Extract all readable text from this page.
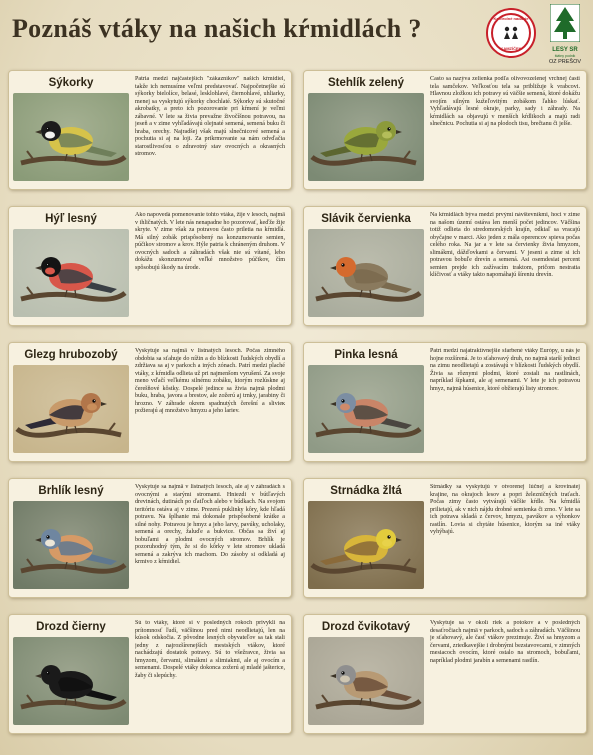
Poznáš vtáky na našich kŕmidlách ?	Kontrolné nadácie
KAMZÍČEK	LESY SR
štátny podnik
OZ PREŠOV
Sýkorky	Patria medzi najčastejších "zákazníkov" našich kŕmidiel, takže ich nemusíme veľmi predstavovať. Najpočetnejšie sú sýkorky bielolíce, belasé, lesklohlavé, čiernohlavé, uhliarky, menej sa vyskytujú sýkorky chochlaté. Sýkorky sú skutočné akrobatky, a preto ich pozorovanie pri kŕmení je veľmi zábavné. V lete sa živia prevažne živočíšnou potravou, na jeseň a v zime vyhľadávajú olejnaté semená, semená buku či hraba, orechy. Najradšej však majú slnečnicové semená a pochutia si aj na loji. Za prikrmovanie sa nám odvďačia starostlivosťou o zdravotný stav ovocných a okrasných stromov.
Stehlík zelený	Často sa nazýva zelienka podľa olivovozelenej vrchnej časti tela samčekov. Veľkosťou tela sa približuje k vrabcovi. Hlavnou zložkou ich potravy sú väčšie semená, ktoré dokážu svojím silným kužeľovitým zobákom ľahko lúskať. Vyhľadávajú lesné okraje, parky, sady i záhrady. Na kŕmidlách sa objavujú v menších kŕdlikoch a majú radi slnečnicu. Pochutia si aj na plodoch tisu, brečtanu či jelše.
Hýľ lesný	Ako napovedá pomenovanie tohto vtáka, žije v lesoch, najmä v ihličnatých. V lete nás nenapadne ho pozorovať, keďže žije skryte. V zime však za potravou často priletia na kŕmidlá. Má silný zobák prispôsobený na konzumovanie semien, púčikov stromov a krov. Hýle patria k chráneným druhom. V ovocných sadoch a záhradách však nie sú vítané, lebo dokážu skonzumovať veľké množstvo púčikov, čím spôsobujú škody na úrode.
Slávik červienka	Na kŕmidlách býva medzi prvými návštevníkmi, hoci v zime na našom území ostáva len menší počet jedincov. Väčšina totiž odlieta do stredomorských krajín, odkiaľ sa vracajú obyčajne v marci. Ako jeden z mála operencov spieva počas celého roka. Na jar a v lete sa červienky živia hmyzom, slimákmi, dážďovkami a červami. V jeseni a zime si ich potravou bobuľe drevín a semená. Asi osemdesiat percent semien prejde ich zažívacím traktom, pričom nestratia klíčivosť a vtáky takto napomáhajú šíreniu drevín.
Glezg hrubozobý	Vyskytuje sa najmä v listnatých lesoch. Počas zimného obdobia sa sťahuje do nížin a do blízkosti ľudských obydlí a zdržiava sa aj v parkoch a iných zónach. Patrí medzi plaché vtáky, z kŕmidla odlieta už pri najmenšom vyrušení. Za svoje meno vďačí veľkému silnému zobáku, ktorým rozlúskne aj čerešňové kôstky. Dospelé jedince sa živia najmä plodmi buku, hraba, javora a brestov, ale zožerú aj trnky, jarabiny či hrozno. V záhrade okrem spadnutých čerešní a slivieк požierajú aj množstvo hmyzu a jeho lariev.
Pinka lesná	Patrí medzi najatraktívnejšie sfarbené vtáky Európy, u nás je hojne rozšírená. Je to sťahovavý druh, no najmä starší jedinci na zimu neodlietajú a zostávajú v blízkosti ľudských obydlí. Živia sa rôznymi plodmi, ktoré zostali na rastlinách, napríklad šípkami, ale aj semenami. V lete je ich potravou hmyz, najmä húsenice, ktoré obžierajú listy stromov.
Brhlík lesný	Vyskytuje sa najmä v listnatých lesoch, ale aj v záhradách s ovocnými a starými stromami. Hniezdi v bútľavých drevinách, dutinách po ďatľoch alebo v búdkach. Na svojom teritóriu ostáva aj v zime. Prezerá puklinky kôry, kde hľadá potravu. Na šplhanie má dokonale prispôsobené krátke a silné nohy. Potravou je hmyz a jeho larvy, pavúky, ucholaky, semená a orechy, žaluďe a bukvice. Občas sa živí aj bobuľami a plodmi ovocných stromov. Brhlík je pozoruhodný tým, že si do kôrky v lete stromov ukladá semená a zakrýva ich machom. Do zásoby si odkladá aj krmivo z kŕmidiel.
Strnádka žltá	Strnádky sa vyskytujú v otvorenej lúčnej a krovinatej krajine, na okrajoch lesov a popri železničných traťach. Počas zimy často vytvárajú väčšie kŕdle. Na kŕmidlá prilietajú, ak v nich nájdu drobné semienka či zrno. V lete sa ich potrava skladá z červov, hmyzu, pavúkov a výhonkov rastlín. Loviа si chytáte húsenice, ktorým sa iné vtáky vyhýbajú.
Drozd čierny	Sú to vtáky, ktoré si v posledných rokoch privykli na prítomnosť ľudí, väčšinou pred nimi neodlietajú, len na kúsok odskočia. Z pôvodne lesných obyvateľov sa tak stali jedny z najrozšírenejších mestských vtákov, ktoré nachádzajú dostatok potravy. Sú to všežravce, živia sa hmyzom, červami, slimákmi a slimiakmi, ale aj ovocím a semenami. Dospelé vtáky dokonca zožerú aj mladé jašterice, žaby či slepúchy.
Drozd čvikotavý	Vyskytuje sa v okolí riek a potokov a v posledných desaťročiach najmä v parkoch, sadoch a záhradách. Väčšinou je sťahovavý, ale časť vtákov prezimuje. Živí sa hmyzom a červami, zriedkavejšie i drobnými bezstavovcami, v zimných mesiacoch ovocím, ktoré ostalo na stromoch, bobuľami, napríklad plodmi jarabín a semenami rastlín.
